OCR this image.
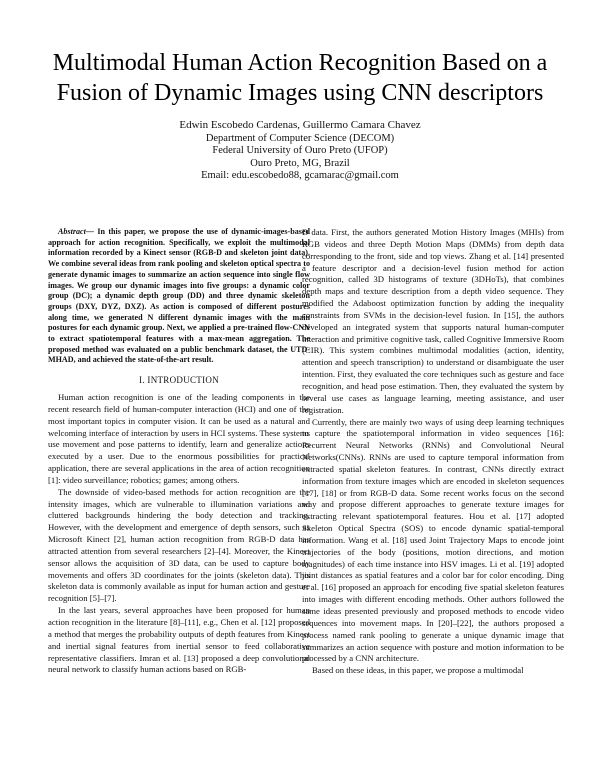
Multimodal Human Action Recognition Based on a Fusion of Dynamic Images using CNN descriptors
Edwin Escobedo Cardenas, Guillermo Camara Chavez
Department of Computer Science (DECOM)
Federal University of Ouro Preto (UFOP)
Ouro Preto, MG, Brazil
Email: edu.escobedo88, gcamarac@gmail.com

Abstract— In this paper, we propose the use of dynamic-images-based approach for action recognition. Specifically, we exploit the multimodal information recorded by a Kinect sensor (RGB-D and skeleton joint data). We combine several ideas from rank pooling and skeleton optical spectra to generate dynamic images to summarize an action sequence into single flow images. We group our dynamic images into five groups: a dynamic color group (DC); a dynamic depth group (DD) and three dynamic skeleton groups (DXY, DYZ, DXZ). As action is composed of different postures along time, we generated N different dynamic images with the main postures for each dynamic group. Next, we applied a pre-trained flow-CNN to extract spatiotemporal features with a max-mean aggregation. The proposed method was evaluated on a public benchmark dataset, the UTD-MHAD, and achieved the state-of-the-art result.

I. INTRODUCTION

Human action recognition is one of the leading components in the recent research field of human-computer interaction (HCI) and one of the most important topics in computer vision. It can be used as a natural and welcoming interface of interaction by users in HCI systems. These systems use movement and pose patterns to identify, learn and generalize actions executed by a user. Due to the enormous possibilities for practical application, there are several applications in the area of action recognition [1]: video surveillance; robotics; games; among others.

The downside of video-based methods for action recognition are the intensity images, which are vulnerable to illumination variations and cluttered backgrounds hindering the body detection and tracking. However, with the development and emergence of depth sensors, such as Microsoft Kinect [2], human action recognition from RGB-D data has attracted attention from several researchers [2]–[4]. Moreover, the Kinect sensor allows the acquisition of 3D data, can be used to capture body movements and offers 3D coordinates for the joints (skeleton data). This skeleton data is commonly available as input for human action and gesture recognition [5]–[7].

In the last years, several approaches have been proposed for human action recognition in the literature [8]–[11], e.g., Chen et al. [12] proposed a method that merges the probability outputs of depth features from Kinect and inertial signal features from inertial sensor to feed collaborative representative classifiers. Imran et al. [13] proposed a deep convolutional neural network to classify human actions based on RGB-

D data. First, the authors generated Motion History Images (MHIs) from RGB videos and three Depth Motion Maps (DMMs) from depth data corresponding to the front, side and top views. Zhang et al. [14] presented a feature descriptor and a decision-level fusion method for action recognition, called 3D histograms of texture (3DHoTs), that combines depth maps and texture description from a depth video sequence. They modified the Adaboost optimization function by adding the inequality constraints from SVMs in the decision-level fusion. In [15], the authors developed an integrated system that supports natural human-computer interaction and primitive cognitive task, called Cognitive Immersive Room (CIR). This system combines multimodal modalities (action, identity, attention and speech transcription) to understand or disambiguate the user intention. First, they evaluated the core techniques such as gesture and face recognition, and head pose estimation. Then, they evaluated the system by several use cases as language learning, meeting assistance, and user registration.

Currently, there are mainly two ways of using deep learning techniques to capture the spatiotemporal information in video sequences [16]: Recurrent Neural Networks (RNNs) and Convolutional Neural Networks(CNNs). RNNs are used to capture temporal information from extracted spatial skeleton features. In contrast, CNNs directly extract information from texture images which are encoded in skeleton sequences [17], [18] or from RGB-D data. Some recent works focus on the second way and propose different approaches to generate texture images for extracting relevant spatiotemporal features. Hou et al. [17] adopted Skeleton Optical Spectra (SOS) to encode dynamic spatial-temporal information. Wang et al. [18] used Joint Trajectory Maps to encode joint trajectories of the body (positions, motion directions, and motion magnitudes) of each time instance into HSV images. Li et al. [19] adopted joint distances as spatial features and a color bar for color encoding. Ding et al. [16] proposed an approach for encoding five spatial skeleton features into images with different encoding methods. Other authors followed the same ideas presented previously and proposed methods to encode video sequences into movement maps. In [20]–[22], the authors proposed a process named rank pooling to generate a unique dynamic image that summarizes an action sequence with posture and motion information to be processed by a CNN architecture.

Based on these ideas, in this paper, we propose a multimodal
